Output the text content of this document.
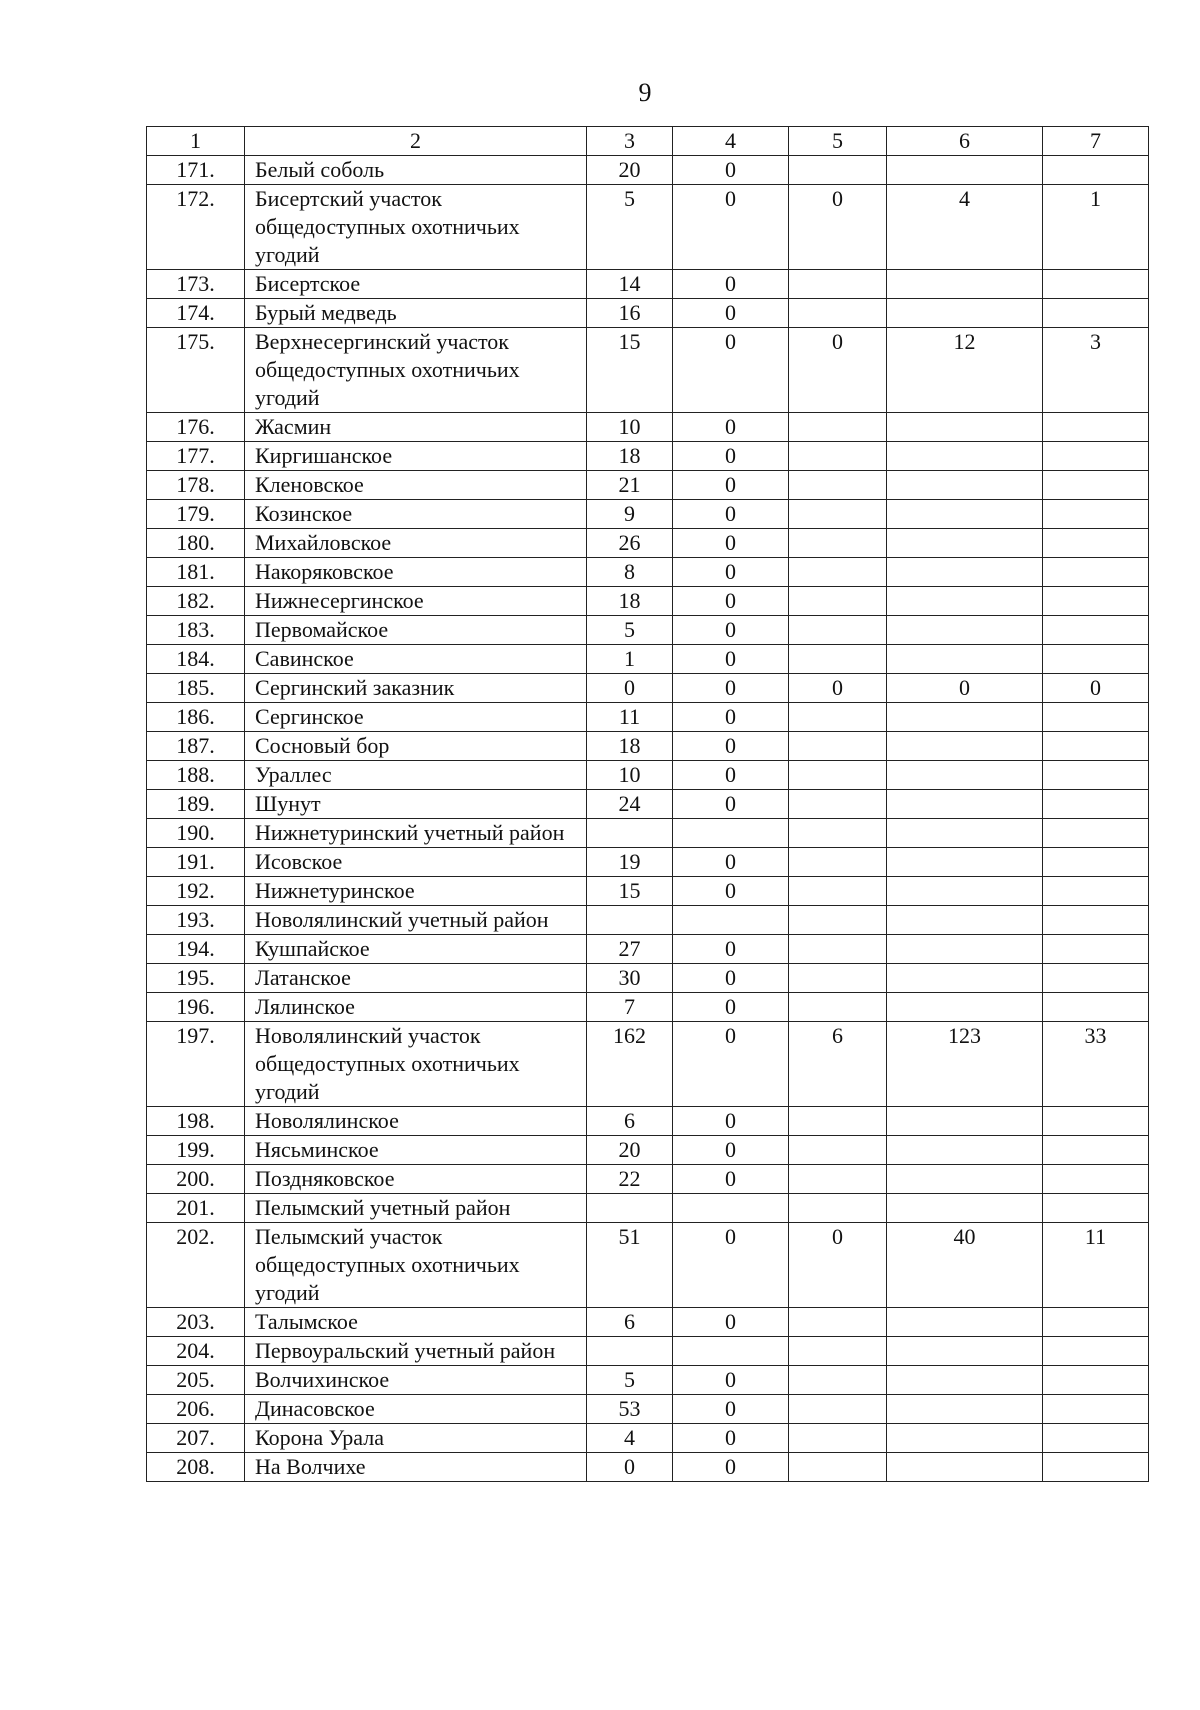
9
1	2	3	4	5	6	7
171.	Белый соболь	20	0			
172.	Бисертский участок общедоступных охотничьих угодий	5	0	0	4	1
173.	Бисертское	14	0			
174.	Бурый медведь	16	0			
175.	Верхнесергинский участок общедоступных охотничьих угодий	15	0	0	12	3
176.	Жасмин	10	0			
177.	Киргишанское	18	0			
178.	Кленовское	21	0			
179.	Козинское	9	0			
180.	Михайловское	26	0			
181.	Накоряковское	8	0			
182.	Нижнесергинское	18	0			
183.	Первомайское	5	0			
184.	Савинское	1	0			
185.	Сергинский заказник	0	0	0	0	0
186.	Сергинское	11	0			
187.	Сосновый бор	18	0			
188.	Ураллес	10	0			
189.	Шунут	24	0			
190.	Нижнетуринский учетный район					
191.	Исовское	19	0			
192.	Нижнетуринское	15	0			
193.	Новолялинский учетный район					
194.	Кушпайское	27	0			
195.	Латанское	30	0			
196.	Лялинское	7	0			
197.	Новолялинский участок общедоступных охотничьих угодий	162	0	6	123	33
198.	Новолялинское	6	0			
199.	Нясьминское	20	0			
200.	Поздняковское	22	0			
201.	Пелымский учетный район					
202.	Пелымский участок общедоступных охотничьих угодий	51	0	0	40	11
203.	Талымское	6	0			
204.	Первоуральский учетный район					
205.	Волчихинское	5	0			
206.	Динасовское	53	0			
207.	Корона Урала	4	0			
208.	На Волчихе	0	0			
